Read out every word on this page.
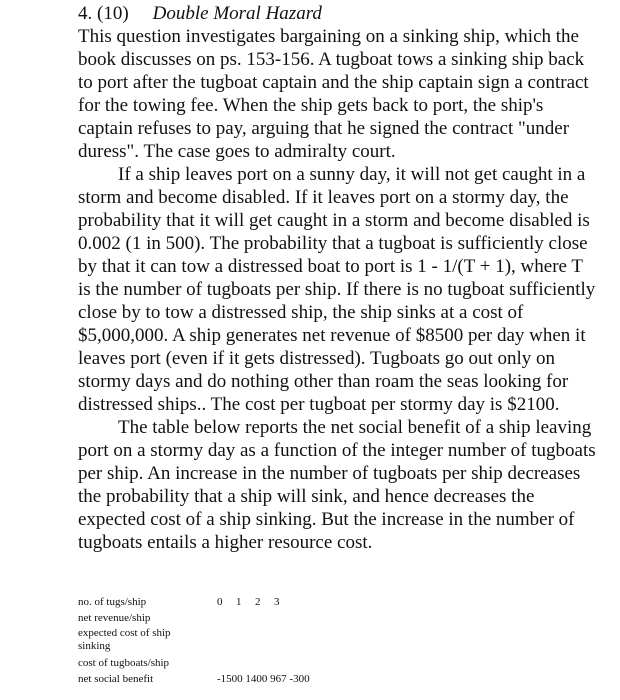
4. (10) Double Moral Hazard

This question investigates bargaining on a sinking ship, which the book discusses on ps. 153-156. A tugboat tows a sinking ship back to port after the tugboat captain and the ship captain sign a contract for the towing fee. When the ship gets back to port, the ship's captain refuses to pay, arguing that he signed the contract "under duress". The case goes to admiralty court.

If a ship leaves port on a sunny day, it will not get caught in a storm and become disabled. If it leaves port on a stormy day, the probability that it will get caught in a storm and become disabled is 0.002 (1 in 500). The probability that a tugboat is sufficiently close by that it can tow a distressed boat to port is 1 - 1/(T + 1), where T is the number of tugboats per ship. If there is no tugboat sufficiently close by to tow a distressed ship, the ship sinks at a cost of $5,000,000. A ship generates net revenue of $8500 per day when it leaves port (even if it gets distressed). Tugboats go out only on stormy days and do nothing other than roam the seas looking for distressed ships.. The cost per tugboat per stormy day is $2100.

The table below reports the net social benefit of a ship leaving port on a stormy day as a function of the integer number of tugboats per ship. An increase in the number of tugboats per ship decreases the probability that a ship will sink, and hence decreases the expected cost of a ship sinking. But the increase in the number of tugboats entails a higher resource cost.

no. of tugs/ship	0 1 2 3
net revenue/ship
expected cost of ship sinking
cost of tugboats/ship
net social benefit	-1500 1400 967 -300
